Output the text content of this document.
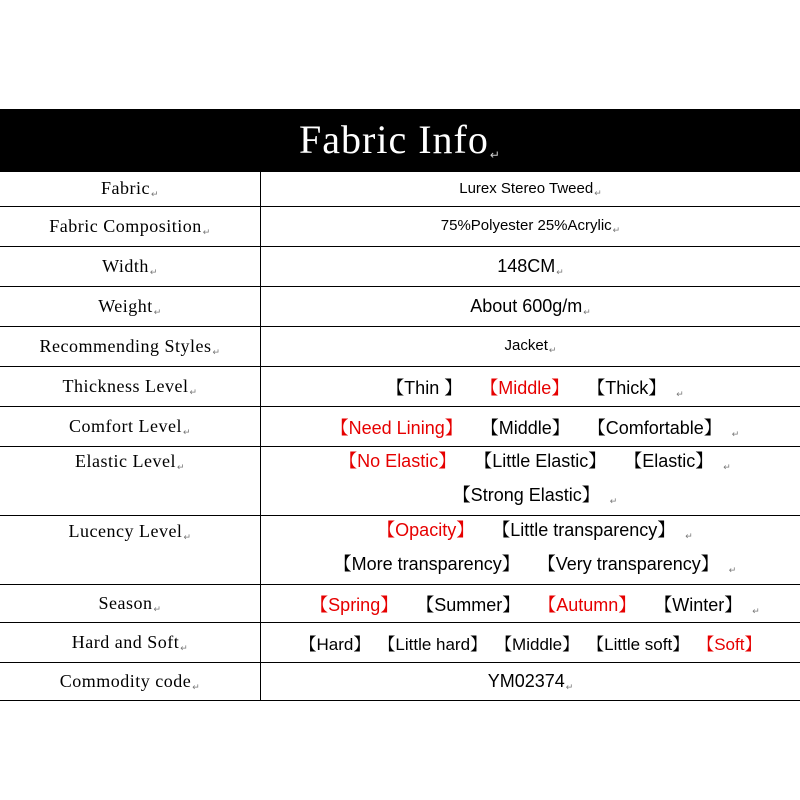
Fabric Info↵
Fabric↵	Lurex Stereo Tweed$_↵$
Fabric Composition↵	75%Polyester 25%Acrylic$_↵$
Width↵	148CM↵
Weight↵	About 600g/m↵
Recommending Styles↵	Jacket$_↵$
Thickness Level↵	【Thin 】 【Middle】 【Thick】 ↵
Comfort Level↵	【Need Lining】 【Middle】 【Comfortable】 ↵
Elastic Level↵	【No Elastic】 【Little Elastic】 【Elastic】 ↵
【Strong Elastic】 ↵

Lucency Level↵	【Opacity】 【Little transparency】 ↵
【More transparency】 【Very transparency】 ↵

Season↵	【Spring】 【Summer】 【Autumn】 【Winter】 ↵
Hard and Soft↵	【Hard】 【Little hard】 【Middle】 【Little soft】 【Soft】
Commodity code↵	YM02374↵
